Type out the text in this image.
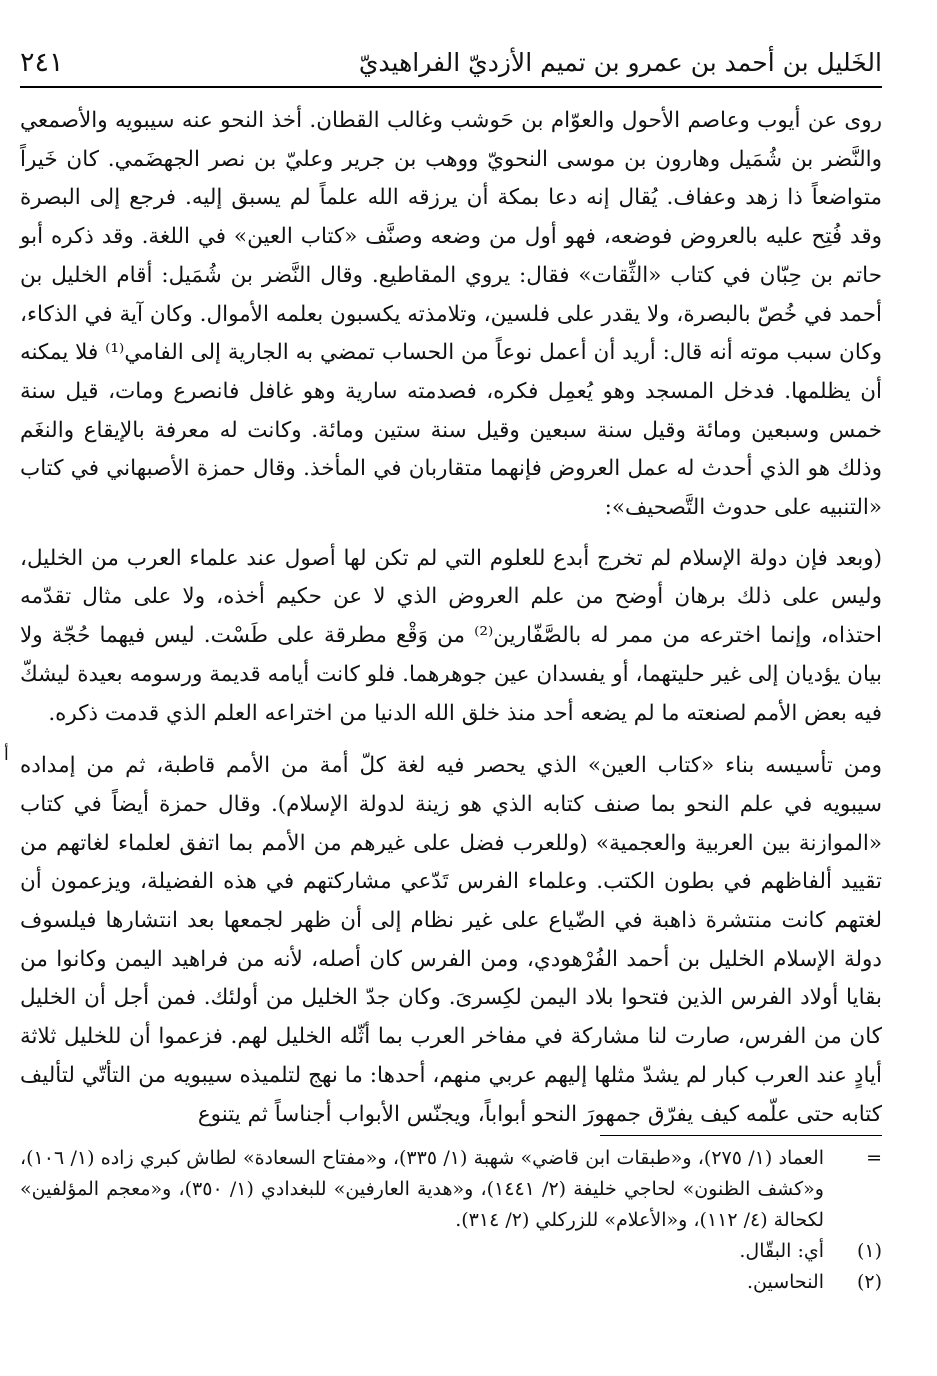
الخَليل بن أحمد بن عمرو بن تميم الأزديّ الفراهيديّ
٢٤١

روى عن أيوب وعاصم الأحول والعوّام بن حَوشب وغالب القطان. أخذ النحو عنه سيبويه والأصمعي والنَّضر بن شُمَيل وهارون بن موسى النحويّ ووهب بن جرير وعليّ بن نصر الجهضَمي. كان خَيراً متواضعاً ذا زهد وعفاف. يُقال إنه دعا بمكة أن يرزقه الله علماً لم يسبق إليه. فرجع إلى البصرة وقد فُتِح عليه بالعروض فوضعه، فهو أول من وضعه وصنَّف «كتاب العين» في اللغة. وقد ذكره أبو حاتم بن حِبّان في كتاب «الثِّقات» فقال: يروي المقاطيع. وقال النَّضر بن شُمَيل: أقام الخليل بن أحمد في خُصّ بالبصرة، ولا يقدر على فلسين، وتلامذته يكسبون بعلمه الأموال. وكان آية في الذكاء، وكان سبب موته أنه قال: أريد أن أعمل نوعاً من الحساب تمضي به الجارية إلى الفامي⁽¹⁾ فلا يمكنه أن يظلمها. فدخل المسجد وهو يُعمِل فكره، فصدمته سارية وهو غافل فانصرع ومات، قيل سنة خمس وسبعين ومائة وقيل سنة سبعين وقيل سنة ستين ومائة. وكانت له معرفة بالإيقاع والنغَم وذلك هو الذي أحدث له عمل العروض فإنهما متقاربان في المأخذ. وقال حمزة الأصبهاني في كتاب «التنبيه على حدوث التَّصحيف»:

(وبعد فإن دولة الإسلام لم تخرج أبدع للعلوم التي لم تكن لها أصول عند علماء العرب من الخليل، وليس على ذلك برهان أوضح من علم العروض الذي لا عن حكيم أخذه، ولا على مثال تقدّمه احتذاه، وإنما اخترعه من ممر له بالصَّفّارين⁽²⁾ من وَقْع مطرقة على طَسْت. ليس فيهما حُجّة ولا بيان يؤديان إلى غير حليتهما، أو يفسدان عين جوهرهما. فلو كانت أيامه قديمة ورسومه بعيدة ليشكّ فيه بعض الأمم لصنعته ما لم يضعه أحد منذ خلق الله الدنيا من اختراعه العلم الذي قدمت ذكره.

ومن تأسيسه بناء «كتاب العين» الذي يحصر فيه لغة كلّ أمة من الأمم قاطبة، ثم من إمداده سيبويه في علم النحو بما صنف كتابه الذي هو زينة لدولة الإسلام). وقال حمزة أيضاً في كتاب «الموازنة بين العربية والعجمية» (وللعرب فضل على غيرهم من الأمم بما اتفق لعلماء لغاتهم من تقييد ألفاظهم في بطون الكتب. وعلماء الفرس تَدّعي مشاركتهم في هذه الفضيلة، ويزعمون أن لغتهم كانت منتشرة ذاهبة في الضّياع على غير نظام إلى أن ظهر لجمعها بعد انتشارها فيلسوف دولة الإسلام الخليل بن أحمد الفُرْهودي، ومن الفرس كان أصله، لأنه من فراهيد اليمن وكانوا من بقايا أولاد الفرس الذين فتحوا بلاد اليمن لكِسرىَ. وكان جدّ الخليل من أولئك. فمن أجل أن الخليل كان من الفرس، صارت لنا مشاركة في مفاخر العرب بما أثّله الخليل لهم. فزعموا أن للخليل ثلاثة أيادٍ عند العرب كبار لم يشدّ مثلها إليهم عربي منهم، أحدها: ما نهج لتلميذه سيبويه من التأتّي لتأليف كتابه حتى علّمه كيف يفرّق جمهورَ النحو أبواباً، ويجنّس الأبواب أجناساً ثم يتنوع

أ
=
العماد (١/ ٢٧٥)، و«طبقات ابن قاضي» شهبة (١/ ٣٣٥)، و«مفتاح السعادة» لطاش كبري زاده (١/ ١٠٦)، و«كشف الظنون» لحاجي خليفة (٢/ ١٤٤١)، و«هدية العارفين» للبغدادي (١/ ٣٥٠)، و«معجم المؤلفين» لكحالة (٤/ ١١٢)، و«الأعلام» للزركلي (٢/ ٣١٤).
(١)
أي: البقّال.
(٢)
النحاسين.
